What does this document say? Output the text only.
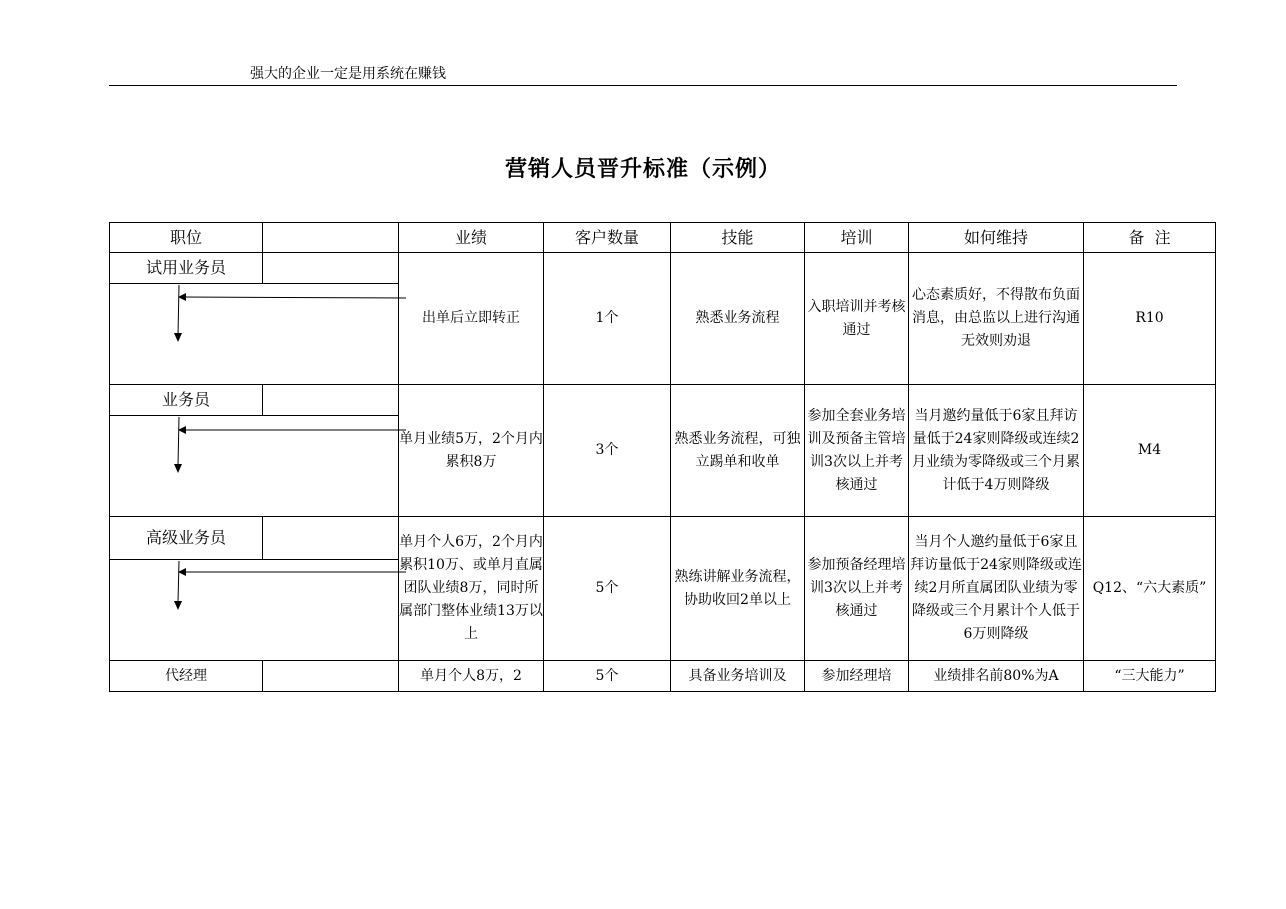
强大的企业一定是用系统在赚钱
营销人员晋升标准（示例）
职位		业绩	客户数量	技能	培训	如何维持	备  注

试用业务员		出单后立即转正	1个	熟悉业务流程	入职培训并考核通过	心态素质好，不得散布负面消息，由总监以上进行沟通无效则劝退	R10

业务员		单月业绩5万，2个月内累积8万	3个	熟悉业务流程，可独立踢单和收单	参加全套业务培训及预备主管培训3次以上并考核通过	当月邀约量低于6家且拜访量低于24家则降级或连续2月业绩为零降级或三个月累计低于4万则降级	M4

高级业务员		单月个人6万，2个月内累积10万、或单月直属团队业绩8万，同时所属部门整体业绩13万以上	5个	熟练讲解业务流程，协助收回2单以上	参加预备经理培训3次以上并考核通过	当月个人邀约量低于6家且拜访量低于24家则降级或连续2月所直属团队业绩为零降级或三个月累计个人低于6万则降级	Q12、“六大素质”
代经理		单月个人8万，2	5个	具备业务培训及	参加经理培	业绩排名前80%为A	“三大能力”
